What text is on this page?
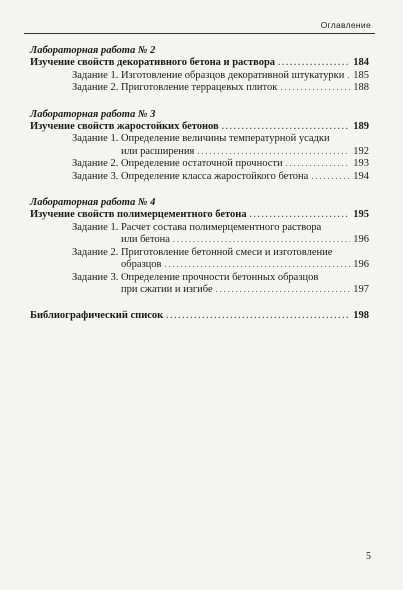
Оглавление
Лабораторная работа № 2
Изучение свойств декоративного бетона и раствора . . .	184
Задание 1. Изготовление образцов декоративной штукатурки . . . 185
Задание 2. Приготовление террацевых плиток . . .	188
Лабораторная работа № 3
Изучение свойств жаростойких бетонов . . .	189
Задание 1. Определение величины температурной усадки
или расширения . . .	192
Задание 2. Определение остаточной прочности . . .	193
Задание 3. Определение класса жаростойкого бетона . . .	194
Лабораторная работа № 4
Изучение свойств полимерцементного бетона . . .	195
Задание 1. Расчет состава полимерцементного раствора
или бетона . . .	196
Задание 2. Приготовление бетонной смеси и изготовление
образцов . . .	196
Задание 3. Определение прочности бетонных образцов
при сжатии и изгибе . . .	197
Библиографический список . . .	198
5
